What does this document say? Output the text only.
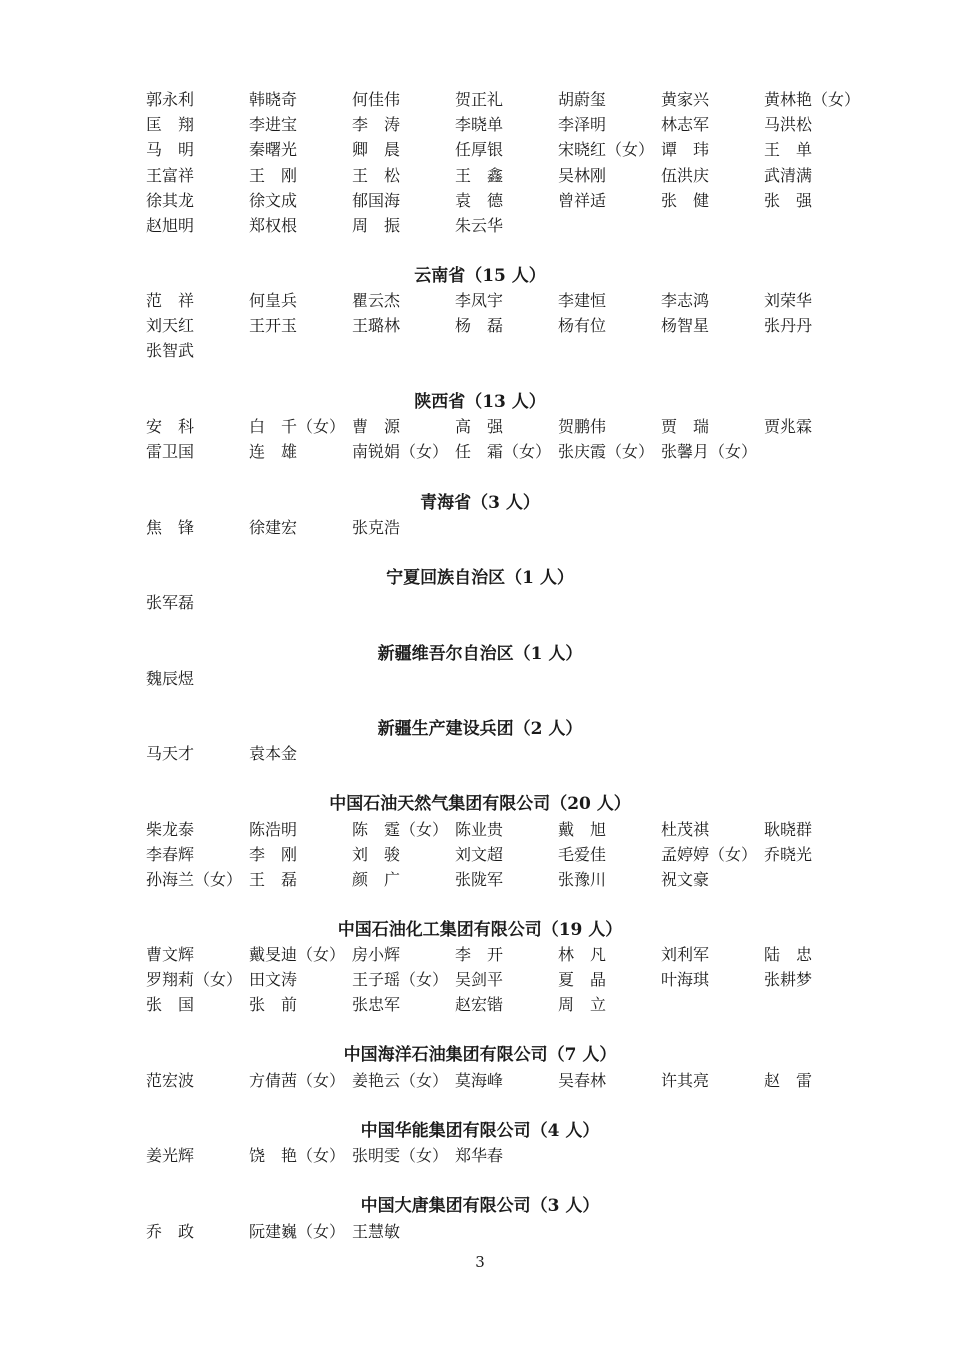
郭永利	韩晓奇	何佳伟	贺正礼	胡蔚玺	黄家兴	黄林艳（女）
匡　翔	李进宝	李　涛	李晓单	李泽明	林志军	马洪松
马　明	秦曙光	卿　晨	任厚银	宋晓红（女） 谭　玮	王　单
王富祥	王　刚	王　松	王　鑫	吴林刚	伍洪庆	武清满
徐其龙	徐文成	郁国海	袁　德	曾祥适	张　健	张　强
赵旭明	郑权根	周　振	朱云华
云南省（15 人）
范　祥	何皇兵	瞿云杰	李凤宇	李建恒	李志鸿	刘荣华
刘天红	王开玉	王璐林	杨　磊	杨有位	杨智星	张丹丹
张智武
陕西省（13 人）
安　科	白　千（女） 曹　源	高　强	贺鹏伟	贾　瑞	贾兆霖
雷卫国	连　雄	南锐娟（女） 任　霜（女） 张庆霞（女） 张馨月（女）
青海省（3 人）
焦　锋	徐建宏	张克浩
宁夏回族自治区（1 人）
张军磊
新疆维吾尔自治区（1 人）
魏辰煜
新疆生产建设兵团（2 人）
马天才	袁本金
中国石油天然气集团有限公司（20 人）
柴龙泰	陈浩明	陈　霆（女） 陈业贵	戴　旭	杜茂祺	耿晓群
李春辉	李　刚	刘　骏	刘文超	毛爱佳	孟婷婷（女） 乔晓光
孙海兰（女） 王　磊	颜　广	张陇军	张豫川	祝文豪
中国石油化工集团有限公司（19 人）
曹文辉	戴旻迪（女） 房小辉	李　开	林　凡	刘利军	陆　忠
罗翔莉（女） 田文涛	王子瑶（女） 吴剑平	夏　晶	叶海琪	张耕梦
张　国	张　前	张忠军	赵宏锴	周　立
中国海洋石油集团有限公司（7 人）
范宏波	方倩茜（女） 姜艳云（女） 莫海峰	吴春林	许其亮	赵　雷
中国华能集团有限公司（4 人）
姜光辉	饶　艳（女） 张明雯（女） 郑华春
中国大唐集团有限公司（3 人）
乔　政	阮建巍（女） 王慧敏
3
